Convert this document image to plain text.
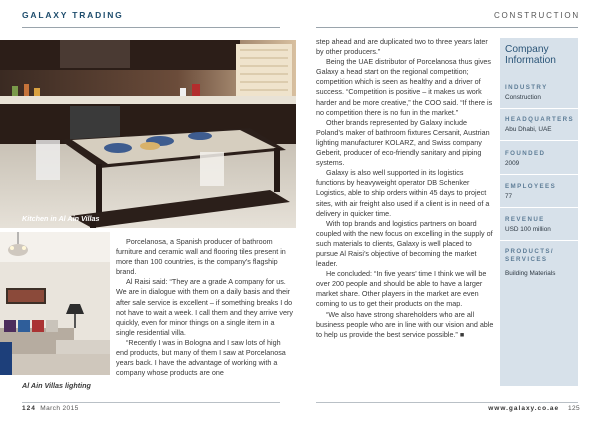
GALAXY TRADING	CONSTRUCTION
Kitchen in Al Ain Villas
Al Ain Villas lighting

Porcelanosa, a Spanish producer of bathroom furniture and ceramic wall and flooring tiles present in more than 100 countries, is the company’s flagship brand.

Al Raisi said: “They are a grade A company for us. We are in dialogue with them on a daily basis and their after sale service is excellent – if something breaks I do not have to wait a week. I call them and they arrive very quickly, even for minor things on a single item in a single residential villa.

“Recently I was in Bologna and I saw lots of high end products, but many of them I saw at Porcelanosa years back. I have the advantage of working with a company whose products are one

step ahead and are duplicated two to three years later by other producers.”

Being the UAE distributor of Porcelanosa thus gives Galaxy a head start on the regional competition; competition which is seen as healthy and a driver of success. “Competition is positive – it makes us work harder and be more creative,” the COO said. “If there is no competition there is no fun in the market.”

Other brands represented by Galaxy include Poland’s maker of bathroom fixtures Cersanit, Austrian lighting manufacturer KOLARZ, and Swiss company Geberit, producer of eco-friendly sanitary and piping systems.

Galaxy is also well supported in its logistics functions by heavyweight operator DB Schenker Logistics, able to ship orders within 45 days to project sites, with air freight also used if a client is in need of a delivery in quicker time.

With top brands and logistics partners on board coupled with the new focus on excelling in the supply of such materials to clients, Galaxy is well placed to pursue Al Raisi’s objective of becoming the market leader.

He concluded: “In five years’ time I think we will be over 200 people and should be able to have a larger market share. Other players in the market are even coming to us to get their products on the map.

“We also have strong shareholders who are all business people who are in line with our vision and able to help us provide the best service possible.” ■

Company Information
INDUSTRY
Construction
HEADQUARTERS
Abu Dhabi, UAE
FOUNDED
2009
EMPLOYEES
77
REVENUE
USD 100 million
PRODUCTS/ SERVICES
Building Materials
124 March 2015	www.galaxy.co.ae 125
